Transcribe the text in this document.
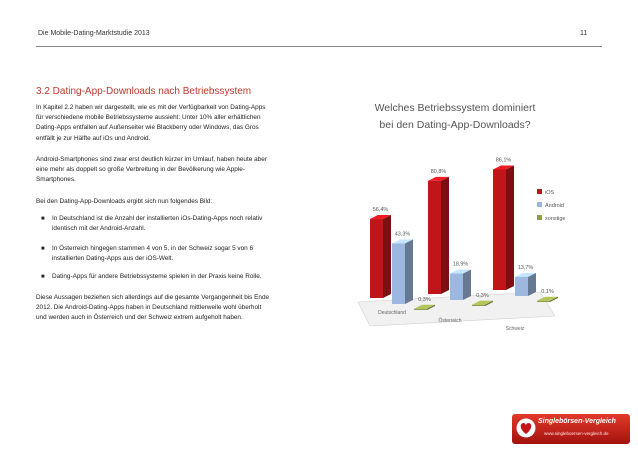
Die Mobile-Dating-Marktstudie 2013	11
3.2 Dating-App-Downloads nach Betriebssystem
In Kapitel 2.2 haben wir dargestellt, wie es mit der Verfügbarkeit von Dating-Apps
für verschiedene mobile Betriebssysteme aussieht: Unter 10% aller erhältlichen
Dating-Apps entfallen auf Außenseiter wie Blackberry oder Windows, das Gros
entfällt je zur Hälfte auf iOs und Android.
Android-Smartphones sind zwar erst deutlich kürzer im Umlauf, haben heute aber
eine mehr als doppelt so große Verbreitung in der Bevölkerung wie Apple-
Smartphones.
Bei den Dating-App-Downloads ergibt sich nun folgendes Bild:
■ In Deutschland ist die Anzahl der installierten iOs-Dating-Apps noch relativ
identisch mit der Android-Anzahl.
■ In Österreich hingegen stammen 4 von 5, in der Schweiz sogar 5 von 6
installierten Dating-Apps aus der iOS-Welt.
■ Dating-Apps für andere Betriebssysteme spielen in der Praxis keine Rolle.
Diese Aussagen beziehen sich allerdings auf die gesamte Vergangenheit bis Ende
2012. Die Android-Dating-Apps haben in Deutschland mittlerweile wohl überholt
und werden auch in Österreich und der Schweiz extrem aufgeholt haben.
Welches Betriebssystem dominiert
bei den Dating-App-Downloads?
56,4%
43,3%
0,3%
Deutschland
80,8%
18,9%
0,3%
Österreich
86,1%
13,7%
0,1%
Schweiz
iOS
Android
sonstige
Singlebörsen-Vergleich
www.singleboersen-vergleich.de
